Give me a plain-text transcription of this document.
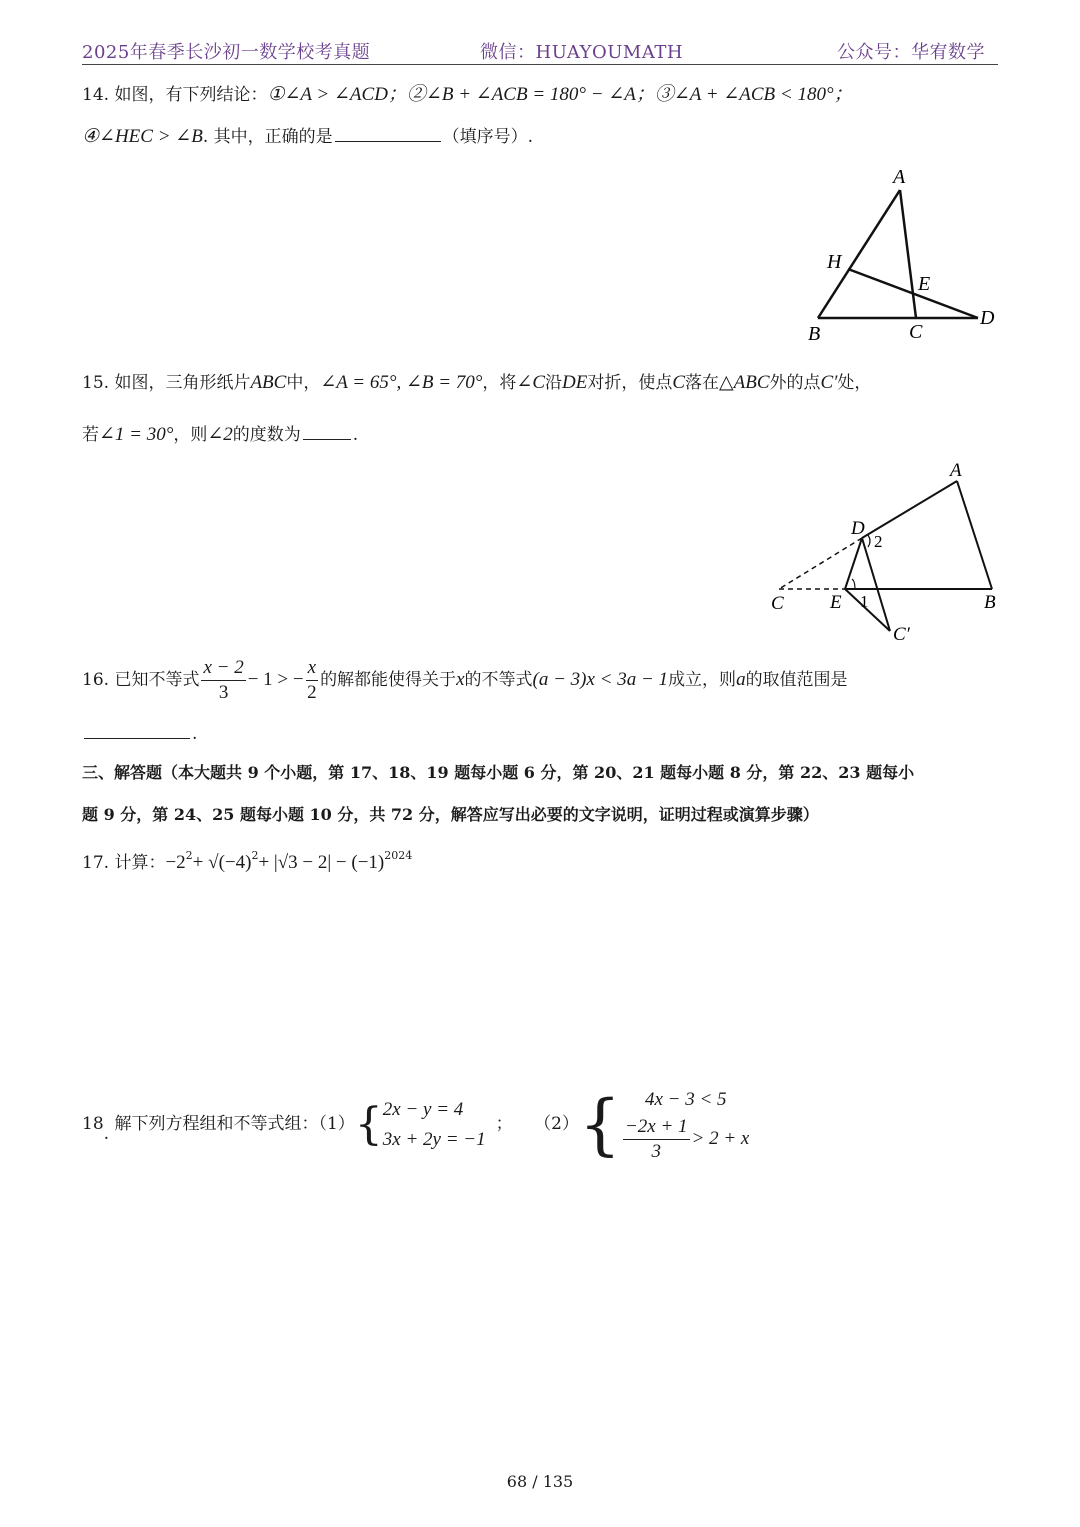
2025年春季长沙初一数学校考真题	微信：HUAYOUMATH	公众号：华宥数学
14. 如图，有下列结论：①∠A > ∠ACD；②∠B + ∠ACB = 180° − ∠A；③∠A + ∠ACB < 180°；
④∠HEC > ∠B. 其中，正确的是	（填序号）.
A
H
E
B	C
D
15. 如图，三角形纸片ABC中，∠A = 65°, ∠B = 70°，将∠C沿DE对折，使点C落在△ABC外的点C′处，
若∠1 = 30°，则∠2的度数为	.
A
D
2
C E 1	B
C′
16. 已知不等式 $\frac{x - 2}{3} - 1$ > − $\frac{x}{2}$ 的解都能使得关于x的不等式(a − 3)x < 3a − 1成立，则a的取值范围是
.
三、解答题（本大题共 9 个小题，第 17、18、19 题每小题 6 分，第 20、21 题每小题 8 分，第 22、23 题每小
题 9 分，第 24、25 题每小题 10 分，共 72 分，解答应写出必要的文字说明，证明过程或演算步骤）
17. 计算：$-2^2+ √(-4)^2+ |√3 - 2| - (-1)^{2024}$
18. 解下列方程组和不等式组：（1）{ 2x − y = 4
3x + 2y = −1
； （2）{	4x − 3 < 5
$\frac{-2x + 1}{3} > 2 + x$
68 / 135
